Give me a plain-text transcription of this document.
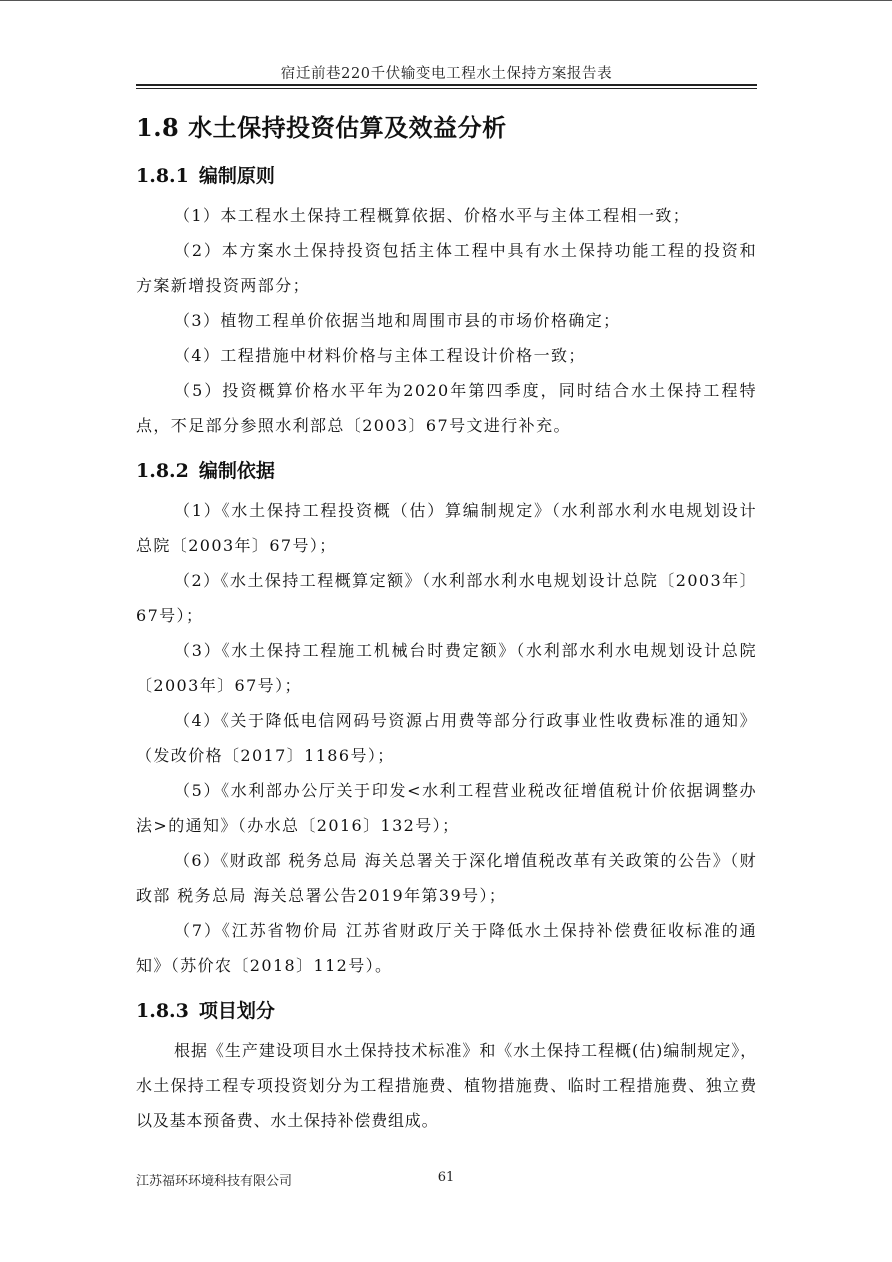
宿迁前巷220千伏输变电工程水土保持方案报告表
1.8 水土保持投资估算及效益分析
1.8.1 编制原则

（1）本工程水土保持工程概算依据、价格水平与主体工程相一致；

（2）本方案水土保持投资包括主体工程中具有水土保持功能工程的投资和方案新增投资两部分；

（3）植物工程单价依据当地和周围市县的市场价格确定；

（4）工程措施中材料价格与主体工程设计价格一致；

（5）投资概算价格水平年为2020年第四季度，同时结合水土保持工程特点，不足部分参照水利部总〔2003〕67号文进行补充。

1.8.2 编制依据

（1）《水土保持工程投资概（估）算编制规定》（水利部水利水电规划设计总院〔2003年〕67号）；

（2）《水土保持工程概算定额》（水利部水利水电规划设计总院〔2003年〕67号）；

（3）《水土保持工程施工机械台时费定额》（水利部水利水电规划设计总院〔2003年〕67号）；

（4）《关于降低电信网码号资源占用费等部分行政事业性收费标准的通知》（发改价格〔2017〕1186号）；

（5）《水利部办公厅关于印发<水利工程营业税改征增值税计价依据调整办法>的通知》（办水总〔2016〕132号）；

（6）《财政部 税务总局 海关总署关于深化增值税改革有关政策的公告》（财政部 税务总局 海关总署公告2019年第39号）；

（7）《江苏省物价局 江苏省财政厅关于降低水土保持补偿费征收标准的通知》（苏价农〔2018〕112号）。

1.8.3 项目划分

根据《生产建设项目水土保持技术标准》和《水土保持工程概(估)编制规定》，水土保持工程专项投资划分为工程措施费、植物措施费、临时工程措施费、独立费以及基本预备费、水土保持补偿费组成。

江苏福环环境科技有限公司	61
